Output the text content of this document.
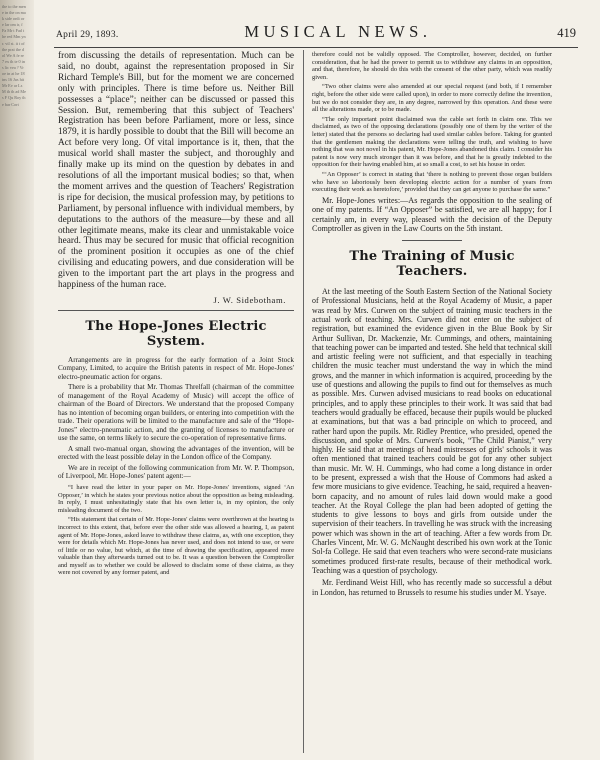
the to the mene in the on mak side ordi ore lar om ir, f Fa Mr t Fad the red Mm yn r. vil st. it t of the prai the dol We A fe re 7 ex th te 0 in s lic vea ? Vr oe in at he 18 ins 16 Jus hit Mr Ev ar Ls M th th ad Mes F Qu Roy the bar Cort
April 29, 1893.	MUSICAL NEWS.	419

from discussing the details of representation. Much can be said, no doubt, against the representation proposed in Sir Richard Temple's Bill, but for the moment we are concerned only with principles. There is time before us. Neither Bill possesses a “place”; neither can be discussed or passed this Session. But, remembering that this subject of Teachers' Registration has been before Parliament, more or less, since 1879, it is hardly possible to doubt that the Bill will become an Act before very long. Of vital importance is it, then, that the musical world shall master the subject, and thoroughly and finally make up its mind on the question by debates in and resolutions of all the important musical bodies; so that, when the moment arrives and the question of Teachers' Registration is ripe for decision, the musical profession may, by petitions to Parliament, by personal influence with individual members, by deputations to the authors of the measure—by these and all other legitimate means, make its clear and unmistakable voice heard. Thus may be secured for music that official recognition of the prominent position it occupies as one of the chief civilising and educating powers, and due consideration will be given to the important part the art plays in the progress and happiness of the human race.

J. W. Sidebotham.
The Hope-Jones Electric System.

Arrangements are in progress for the early formation of a Joint Stock Company, Limited, to acquire the British patents in respect of Mr. Hope-Jones' electro-pneumatic action for organs.

There is a probability that Mr. Thomas Threlfall (chairman of the committee of management of the Royal Academy of Music) will accept the office of chairman of the Board of Directors. We understand that the proposed Company has no intention of becoming organ builders, or entering into competition with the trade. Their operations will be limited to the manufacture and sale of the “Hope-Jones” electro-pneumatic action, and the granting of licenses to manufacture or use the same, on terms likely to secure the co-operation of representative firms.

A small two-manual organ, showing the advantages of the invention, will be erected with the least possible delay in the London office of the Company.

We are in receipt of the following communication from Mr. W. P. Thompson, of Liverpool, Mr. Hope-Jones' patent agent:—

“I have read the letter in your paper on Mr. Hope-Jones' inventions, signed ‘An Opposer,’ in which he states your previous notice about the opposition as being misleading. In reply, I must unhesitatingly state that his own letter is, in my opinion, the only misleading document of the two.

“His statement that certain of Mr. Hope-Jones' claims were overthrown at the hearing is incorrect to this extent, that, before ever the other side was allowed a hearing, I, as patent agent of Mr. Hope-Jones, asked leave to withdraw these claims, as, with one exception, they were for details which Mr. Hope-Jones has never used, and does not intend to use, or were of little or no value, but which, at the time of drawing the specification, appeared more valuable than they afterwards turned out to be. It was a question between the Comptroller and myself as to whether we could be allowed to disclaim some of these claims, as they were not covered by any former patent, and

therefore could not be validly opposed. The Comptroller, however, decided, on further consideration, that he had the power to permit us to withdraw any claims in an opposition, and that, therefore, he should do this with the consent of the other party, which was readily given.

“Two other claims were also amended at our special request (and both, if I remember right, before the other side were called upon), in order to more correctly define the invention, but we do not consider they are, in any degree, narrowed by this operation. And these were all the alterations made, or to be made.

“The only important point disclaimed was the cable set forth in claim one. This we disclaimed, as two of the opposing declarations (possibly one of them by the writer of the letter) stated that the persons so declaring had used similar cables before. Taking for granted that the gentlemen making the declarations were telling the truth, and wishing to have nothing that was not novel in his patent, Mr. Hope-Jones abandoned this claim. I consider his patent is now very much stronger than it was before, and that he is greatly indebted to the opposition for their having enabled him, at so small a cost, to set his house in order.

“‘An Opposer’ is correct in stating that ‘there is nothing to prevent those organ builders who have so laboriously been developing electric action for a number of years from executing their work as heretofore,’ provided that they can get anyone to purchase the same.”

Mr. Hope-Jones writes:—As regards the opposition to the sealing of one of my patents. If “An Opposer” be satisfied, we are all happy; for I certainly am, in every way, pleased with the decision of the Deputy Comptroller as given in the Law Courts on the 5th instant.

The Training of Music Teachers.

At the last meeting of the South Eastern Section of the National Society of Professional Musicians, held at the Royal Academy of Music, a paper was read by Mrs. Curwen on the subject of training music teachers in the actual work of teaching. Mrs. Curwen did not enter on the subject of registration, but examined the evidence given in the Blue Book by Sir Arthur Sullivan, Dr. Mackenzie, Mr. Cummings, and others, maintaining that teaching power can be imparted and tested. She held that technical skill and artistic feeling were not sufficient, and that especially in teaching children the music teacher must understand the way in which the mind grows, and the manner in which information is acquired, proceeding by the use of questions and allowing the pupils to find out for themselves as much as possible. Mrs. Curwen advised musicians to read books on educational principles, and to apply these principles to their work. It was said that bad teachers would gradually be effaced, because their pupils would be plucked at examinations, but that was a bad principle on which to proceed, and rather hard upon the pupils. Mr. Ridley Prentice, who presided, opened the discussion, and spoke of Mrs. Curwen's book, “The Child Pianist,” very highly. He said that at meetings of head mistresses of girls' schools it was often mentioned that trained teachers could be got for any other subject than music. Mr. W. H. Cummings, who had come a long distance in order to be present, expressed a wish that the House of Commons had asked a few more musicians to give evidence. Teaching, he said, required a heaven-born capacity, and no amount of rules laid down would make a good teacher. At the Royal College the plan had been adopted of getting the students to give lessons to boys and girls from outside under the supervision of their teachers. In travelling he was struck with the increasing power which was shown in the art of teaching. After a few words from Dr. Charles Vincent, Mr. W. G. McNaught described his own work at the Tonic Sol-fa College. He said that even teachers who were second-rate musicians sometimes produced first-rate results, because of their methodical work. Teaching was a question of psychology.

Mr. Ferdinand Weist Hill, who has recently made so successful a début in London, has returned to Brussels to resume his studies under M. Ysaye.
